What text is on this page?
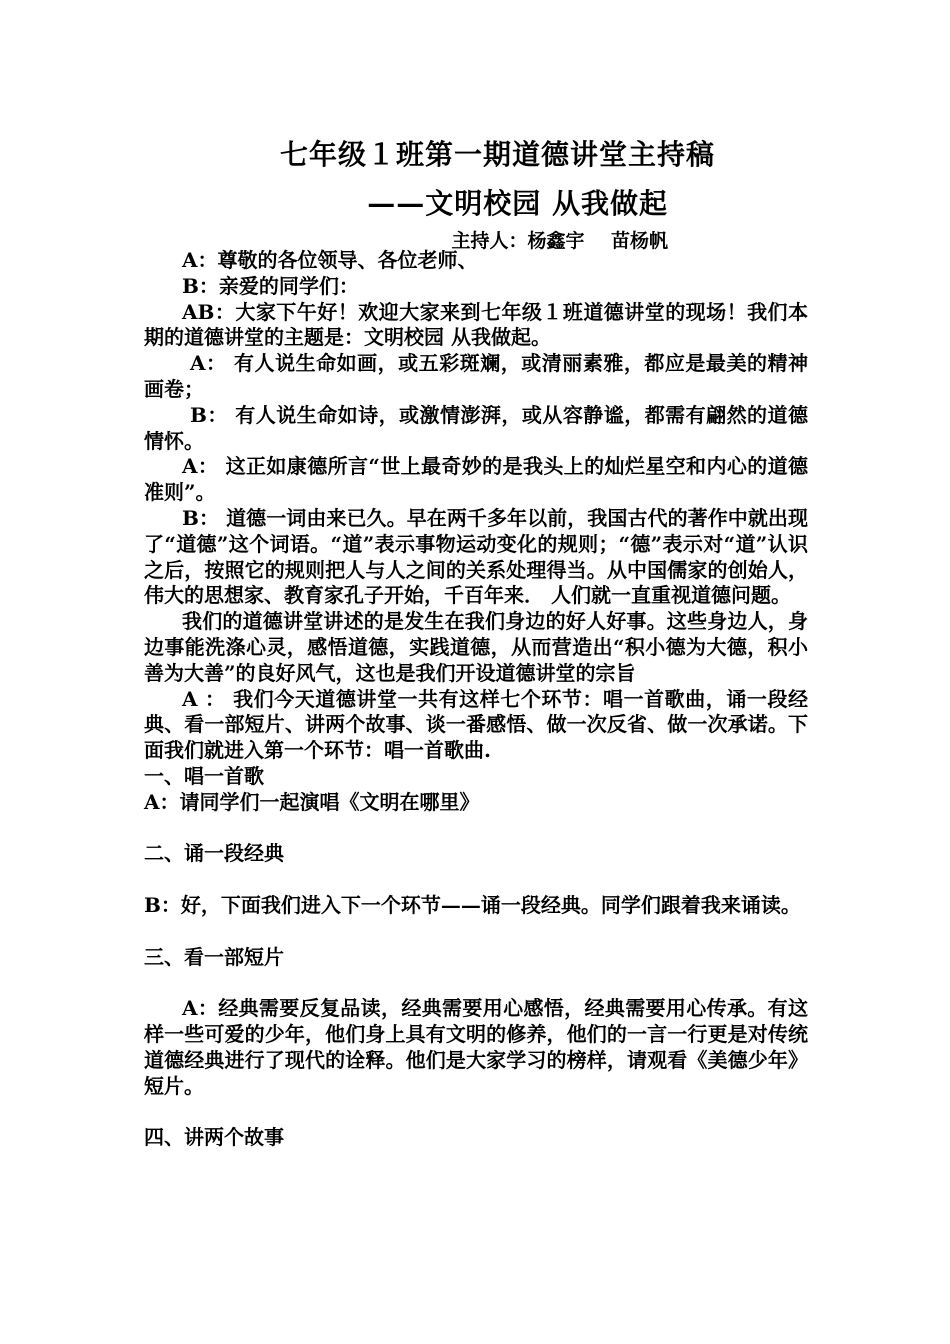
七年级１班第一期道德讲堂主持稿
——文明校园 从我做起
主持人：杨鑫宇    苗杨帆

A：尊敬的各位领导、各位老师、

B：亲爱的同学们：

AB：大家下午好！欢迎大家来到七年级１班道德讲堂的现场！我们本期的道德讲堂的主题是：文明校园 从我做起。

A： 有人说生命如画，或五彩斑斓，或清丽素雅，都应是最美的精神画卷；

B： 有人说生命如诗，或激情澎湃，或从容静谧，都需有翩然的道德情怀。

A： 这正如康德所言“世上最奇妙的是我头上的灿烂星空和内心的道德准则”。

B： 道德一词由来已久。早在两千多年以前，我国古代的著作中就出现了“道德”这个词语。“道”表示事物运动变化的规则；“德”表示对“道”认识之后，按照它的规则把人与人之间的关系处理得当。从中国儒家的创始人，伟大的思想家、教育家孔子开始，千百年来． 人们就一直重视道德问题。

我们的道德讲堂讲述的是发生在我们身边的好人好事。这些身边人，身边事能洗涤心灵，感悟道德，实践道德，从而营造出“积小德为大德，积小善为大善”的良好风气，这也是我们开设道德讲堂的宗旨

A ： 我们今天道德讲堂一共有这样七个环节：唱一首歌曲，诵一段经典、看一部短片、讲两个故事、谈一番感悟、做一次反省、做一次承诺。下面我们就进入第一个环节：唱一首歌曲.

一、唱一首歌

A：请同学们一起演唱《文明在哪里》

二、诵一段经典

B：好，下面我们进入下一个环节——诵一段经典。同学们跟着我来诵读。

三、看一部短片

A：经典需要反复品读，经典需要用心感悟，经典需要用心传承。有这样一些可爱的少年，他们身上具有文明的修养，他们的一言一行更是对传统道德经典进行了现代的诠释。他们是大家学习的榜样，请观看《美德少年》短片。

四、讲两个故事
